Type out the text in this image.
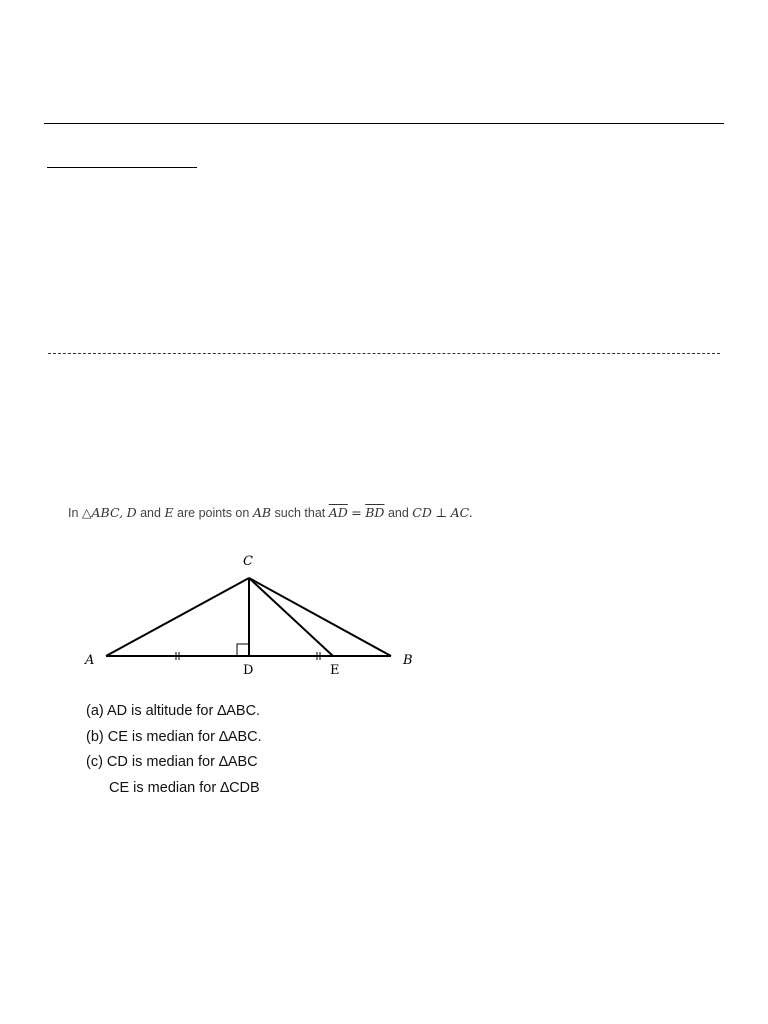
In △ABC, D and E are points on AB such that $\overline{AD} = \overline{BD}$ and CD ⊥ AC.
A	B
C
D	E
(a) AD is altitude for ∆ABC.
(b) CE is median for ∆ABC.
(c) CD is median for ∆ABC
CE is median for ∆CDB
